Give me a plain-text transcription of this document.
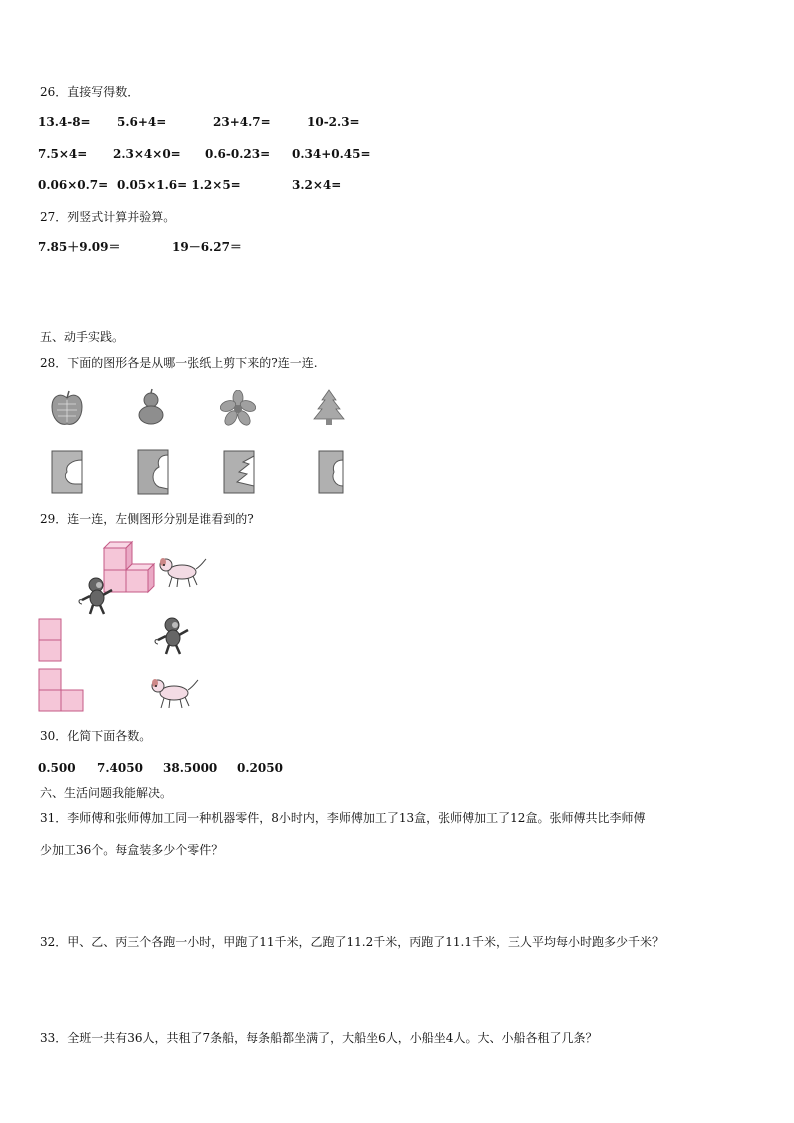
26．直接写得数．
13.4-8= 5.6+4=	23+4.7=	10-2.3=
7.5×4= 2.3×4×0= 0.6-0.23= 0.34+0.45=
0.06×0.7= 0.05×1.6= 1.2×5=	3.2×4=
27．列竖式计算并验算。
7.85＋9.09＝	19－6.27＝
五、动手实践。
28．下面的图形各是从哪一张纸上剪下来的?连一连.
29．连一连，左侧图形分别是谁看到的?
30．化简下面各数。
0.500 7.4050 38.5000 0.2050
六、生活问题我能解决。
31．李师傅和张师傅加工同一种机器零件，8小时内，李师傅加工了13盒，张师傅加工了12盒。张师傅共比李师傅
少加工36个。每盒装多少个零件？
32．甲、乙、丙三个各跑一小时，甲跑了11千米，乙跑了11.2千米，丙跑了11.1千米，三人平均每小时跑多少千米？
33．全班一共有36人，共租了7条船，每条船都坐满了，大船坐6人，小船坐4人。大、小船各租了几条？
